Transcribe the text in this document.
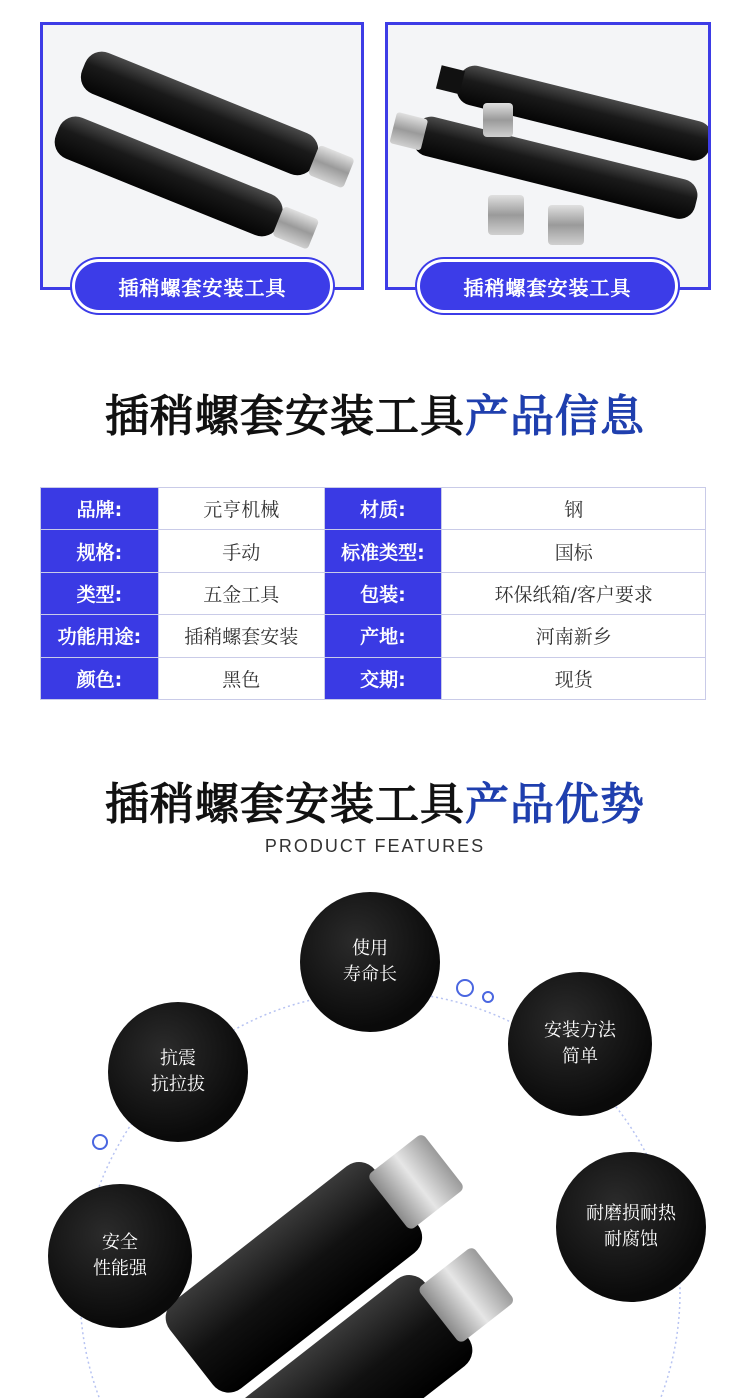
插稍螺套安装工具	插稍螺套安装工具
插稍螺套安装工具产品信息
品牌:	元亨机械	材质:	钢
规格:	手动	标准类型:	国标
类型:	五金工具	包装:	环保纸箱/客户要求
功能用途:	插稍螺套安装	产地:	河南新乡
颜色:	黑色	交期:	现货
插稍螺套安装工具产品优势
PRODUCT FEATURES
使用
寿命长
抗震
抗拉拔
安装方法
简单
安全
性能强
耐磨损耐热
耐腐蚀
